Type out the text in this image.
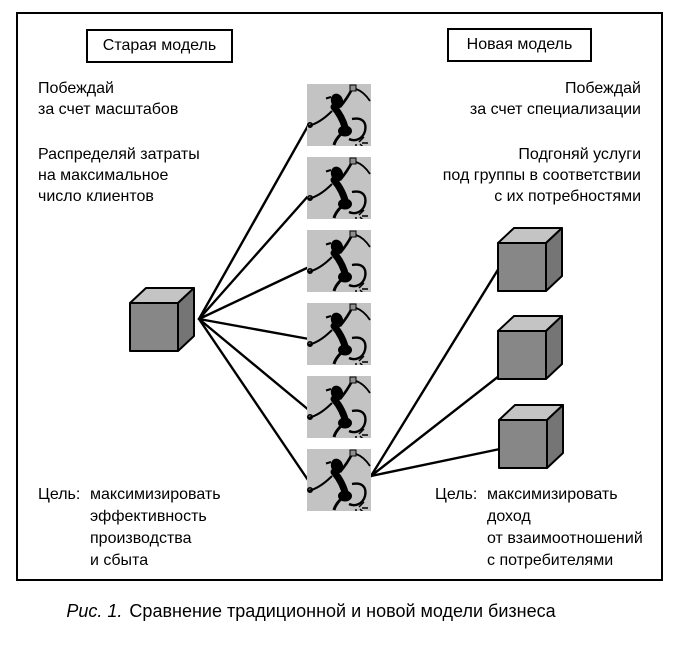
Старая модель	Новая модель
Побеждай
за счет масштабов
Распределяй затраты
на максимальное
число клиентов
Побеждай
за счет специализации
Подгоняй услуги
под группы в соответствии
с их потребностями
Цель: максимизировать
эффективность
производства
и сбыта
Цель: максимизировать
доход
от взаимоотношений
с потребителями
Рис. 1. Сравнение традиционной и новой модели бизнеса
